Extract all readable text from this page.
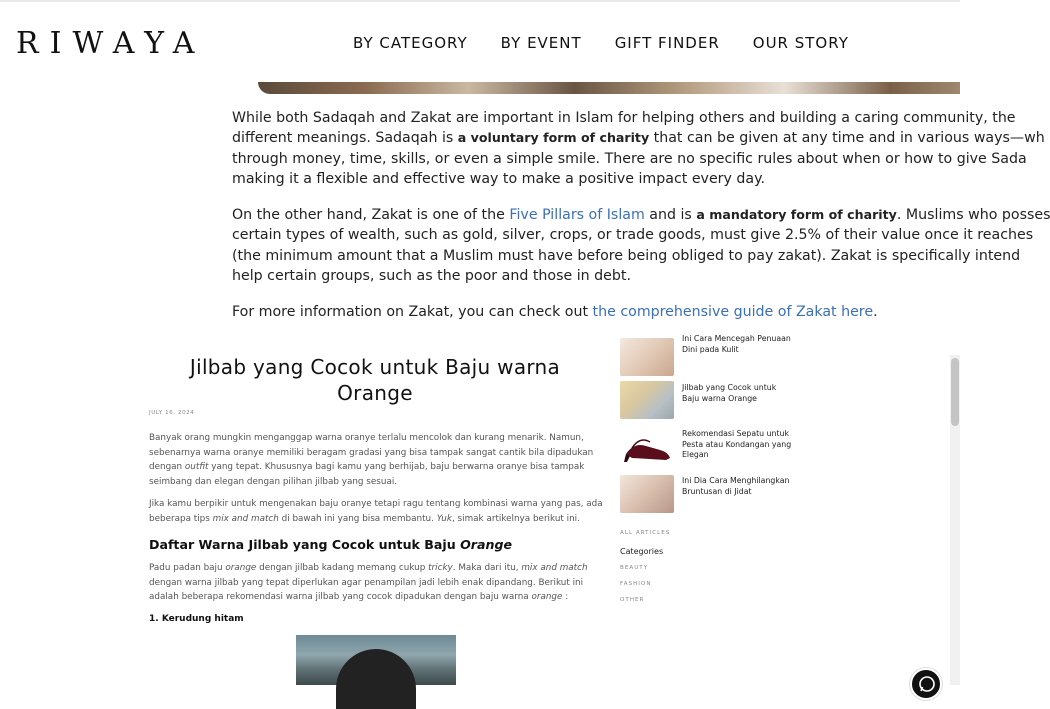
RIWAYA	BY CATEGORY BY EVENT GIFT FINDER OUR STORY

While both Sadaqah and Zakat are important in Islam for helping others and building a caring community, the
different meanings. Sadaqah is a voluntary form of charity that can be given at any time and in various ways—wh
through money, time, skills, or even a simple smile. There are no specific rules about when or how to give Sada
making it a flexible and effective way to make a positive impact every day.

On the other hand, Zakat is one of the Five Pillars of Islam and is a mandatory form of charity. Muslims who posses
certain types of wealth, such as gold, silver, crops, or trade goods, must give 2.5% of their value once it reaches
(the minimum amount that a Muslim must have before being obliged to pay zakat). Zakat is specifically intend
help certain groups, such as the poor and those in debt.

For more information on Zakat, you can check out the comprehensive guide of Zakat here.

Jilbab yang Cocok untuk Baju warna
Orange
JULY 16, 2024
Banyak orang mungkin menganggap warna oranye terlalu mencolok dan kurang menarik. Namun,
sebenarnya warna oranye memiliki beragam gradasi yang bisa tampak sangat cantik bila dipadukan
dengan outfit yang tepat. Khususnya bagi kamu yang berhijab, baju berwarna oranye bisa tampak
seimbang dan elegan dengan pilihan jilbab yang sesuai.
Jika kamu berpikir untuk mengenakan baju oranye tetapi ragu tentang kombinasi warna yang pas, ada
beberapa tips mix and match di bawah ini yang bisa membantu. Yuk, simak artikelnya berikut ini.
Daftar Warna Jilbab yang Cocok untuk Baju Orange
Padu padan baju orange dengan jilbab kadang memang cukup tricky. Maka dari itu, mix and match
dengan warna jilbab yang tepat diperlukan agar penampilan jadi lebih enak dipandang. Berikut ini
adalah beberapa rekomendasi warna jilbab yang cocok dipadukan dengan baju warna orange :
1. Kerudung hitam
Ini Cara Mencegah Penuaan
Dini pada Kulit
Jilbab yang Cocok untuk
Baju warna Orange
Rekomendasi Sepatu untuk
Pesta atau Kondangan yang
Elegan
Ini Dia Cara Menghilangkan
Bruntusan di Jidat
ALL ARTICLES
Categories
BEAUTY
FASHION
OTHER
